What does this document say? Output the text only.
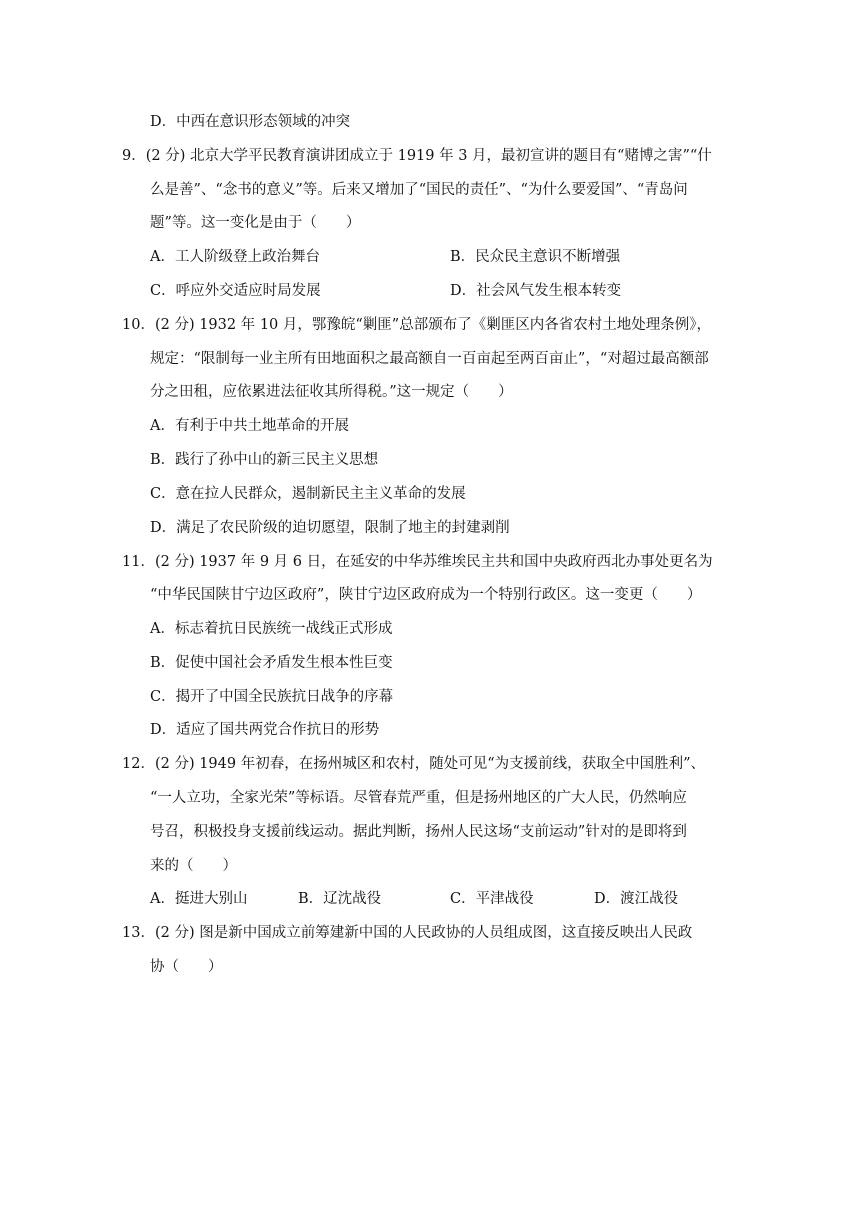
D．中西在意识形态领域的冲突
9．(2 分) 北京大学平民教育演讲团成立于 1919 年 3 月，最初宣讲的题目有“赌博之害”“什
么是善”、“念书的意义”等。后来又增加了“国民的责任”、“为什么要爱国”、“青岛问
题”等。这一变化是由于（　　）
A．工人阶级登上政治舞台	B．民众民主意识不断增强
C．呼应外交适应时局发展	D．社会风气发生根本转变
10．(2 分) 1932 年 10 月，鄂豫皖“剿匪”总部颁布了《剿匪区内各省农村土地处理条例》，
规定：“限制每一业主所有田地面积之最高额自一百亩起至两百亩止”，“对超过最高额部
分之田租，应依累进法征收其所得税。”这一规定（　　）
A．有利于中共土地革命的开展
B．践行了孙中山的新三民主义思想
C．意在拉人民群众，遏制新民主主义革命的发展
D．满足了农民阶级的迫切愿望，限制了地主的封建剥削
11．(2 分) 1937 年 9 月 6 日，在延安的中华苏维埃民主共和国中央政府西北办事处更名为
“中华民国陕甘宁边区政府”，陕甘宁边区政府成为一个特别行政区。这一变更（　　）
A．标志着抗日民族统一战线正式形成
B．促使中国社会矛盾发生根本性巨变
C．揭开了中国全民族抗日战争的序幕
D．适应了国共两党合作抗日的形势
12．(2 分) 1949 年初春，在扬州城区和农村，随处可见“为支援前线，获取全中国胜利”、
“一人立功，全家光荣”等标语。尽管春荒严重，但是扬州地区的广大人民，仍然响应
号召，积极投身支援前线运动。据此判断，扬州人民这场“支前运动”针对的是即将到
来的（　　）
A．挺进大别山	B．辽沈战役	C．平津战役	D．渡江战役
13．(2 分) 图是新中国成立前筹建新中国的人民政协的人员组成图，这直接反映出人民政
协（　　）
